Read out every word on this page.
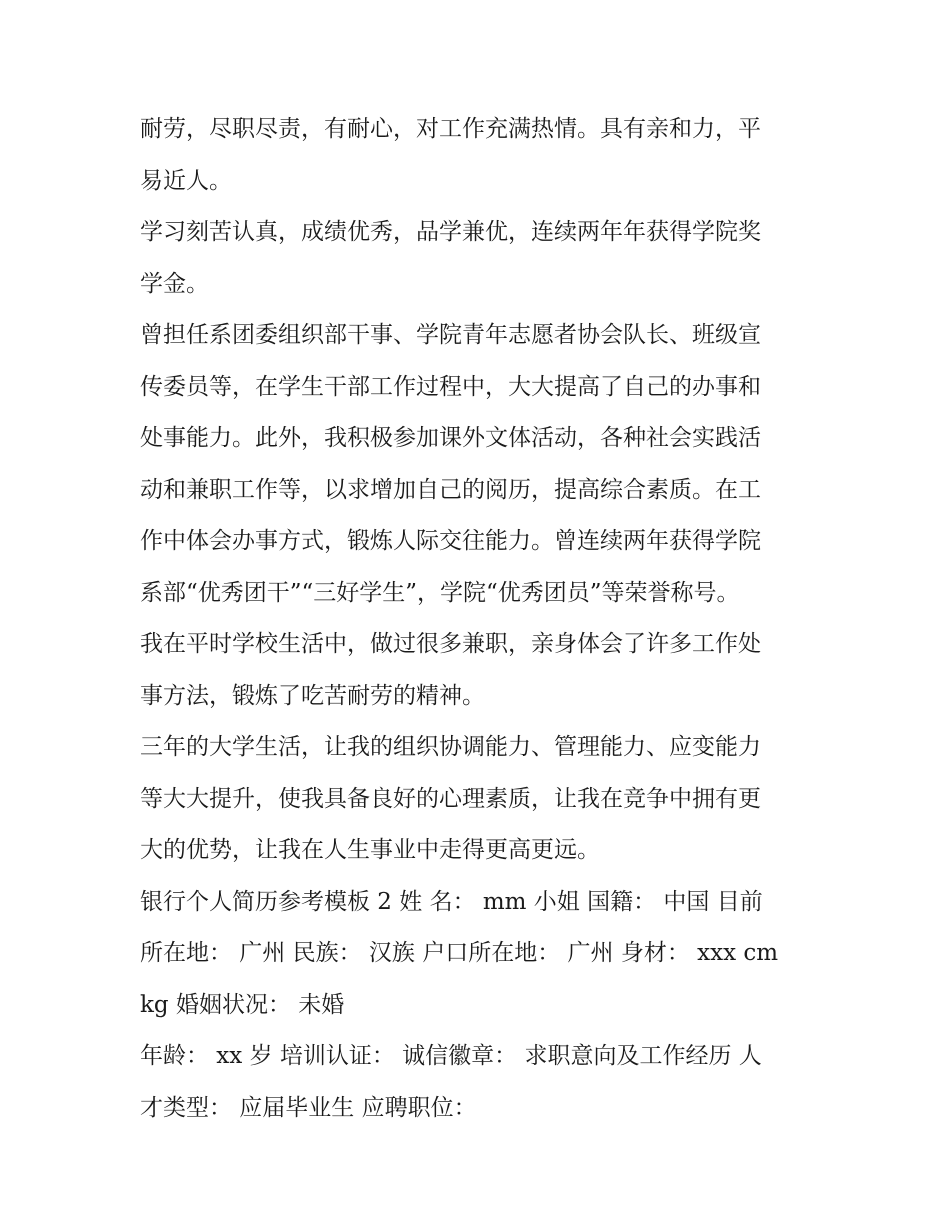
耐劳，尽职尽责，有耐心，对工作充满热情。具有亲和力，平
易近人。
学习刻苦认真，成绩优秀，品学兼优，连续两年年获得学院奖
学金。
曾担任系团委组织部干事、学院青年志愿者协会队长、班级宣
传委员等，在学生干部工作过程中，大大提高了自己的办事和
处事能力。此外，我积极参加课外文体活动，各种社会实践活
动和兼职工作等，以求增加自己的阅历，提高综合素质。在工
作中体会办事方式，锻炼人际交往能力。曾连续两年获得学院
系部“优秀团干”“三好学生”，学院“优秀团员”等荣誉称号。
我在平时学校生活中，做过很多兼职，亲身体会了许多工作处
事方法，锻炼了吃苦耐劳的精神。
三年的大学生活，让我的组织协调能力、管理能力、应变能力
等大大提升，使我具备良好的心理素质，让我在竞争中拥有更
大的优势，让我在人生事业中走得更高更远。
银行个人简历参考模板 2 姓 名： mm 小姐 国籍： 中国 目前
所在地： 广州 民族： 汉族 户口所在地： 广州 身材： xxx cm
kg 婚姻状况： 未婚
年龄： xx 岁 培训认证： 诚信徽章： 求职意向及工作经历 人
才类型： 应届毕业生 应聘职位：
